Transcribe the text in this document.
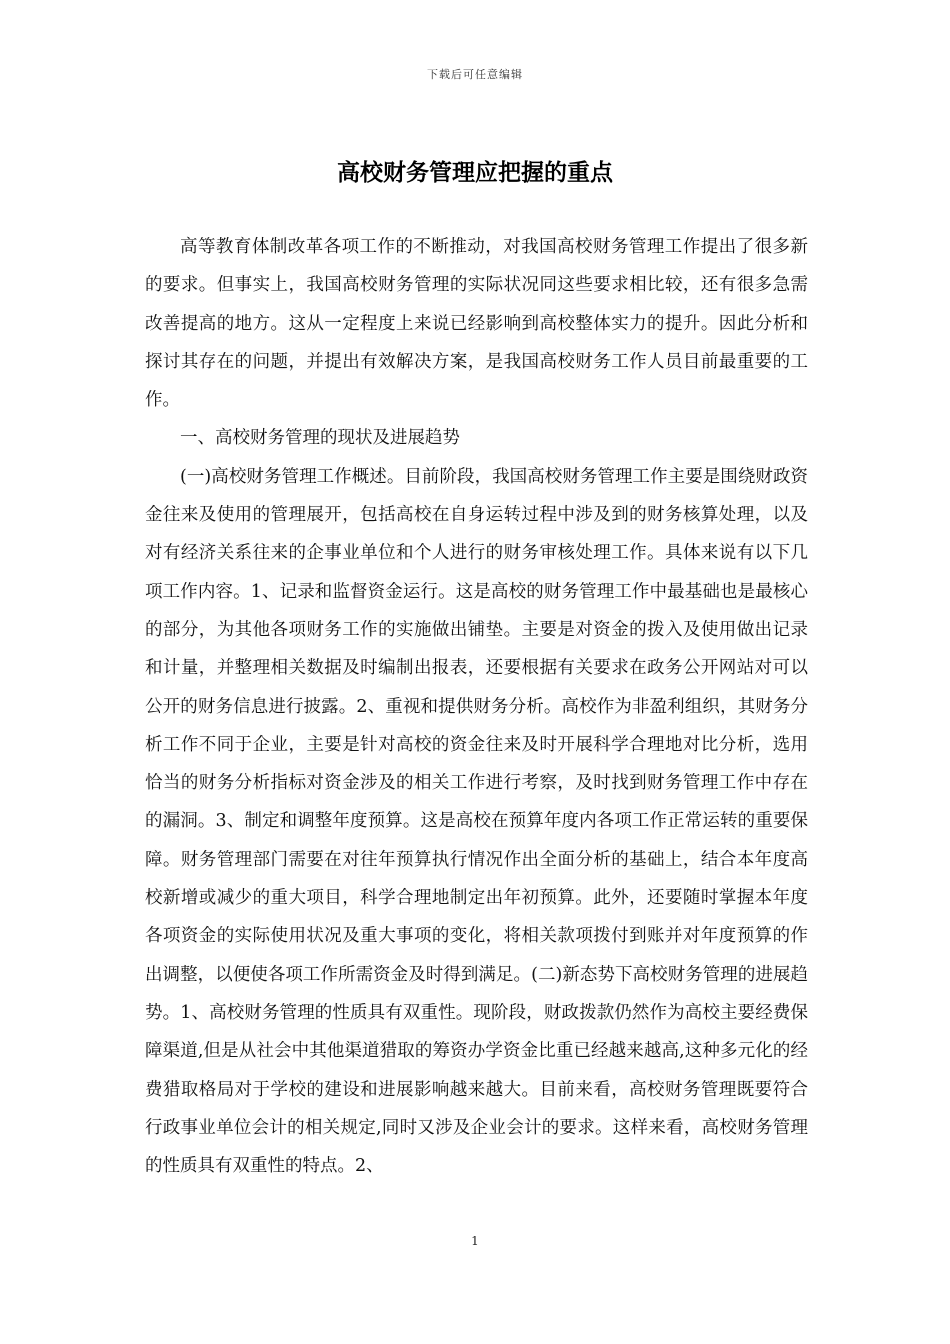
下载后可任意编辑
高校财务管理应把握的重点

高等教育体制改革各项工作的不断推动，对我国高校财务管理工作提出了很多新的要求。但事实上，我国高校财务管理的实际状况同这些要求相比较，还有很多急需改善提高的地方。这从一定程度上来说已经影响到高校整体实力的提升。因此分析和探讨其存在的问题，并提出有效解决方案，是我国高校财务工作人员目前最重要的工作。

一、高校财务管理的现状及进展趋势

(一)高校财务管理工作概述。目前阶段，我国高校财务管理工作主要是围绕财政资金往来及使用的管理展开，包括高校在自身运转过程中涉及到的财务核算处理，以及对有经济关系往来的企事业单位和个人进行的财务审核处理工作。具体来说有以下几项工作内容。1、记录和监督资金运行。这是高校的财务管理工作中最基础也是最核心的部分，为其他各项财务工作的实施做出铺垫。主要是对资金的拨入及使用做出记录和计量，并整理相关数据及时编制出报表，还要根据有关要求在政务公开网站对可以公开的财务信息进行披露。2、重视和提供财务分析。高校作为非盈利组织，其财务分析工作不同于企业，主要是针对高校的资金往来及时开展科学合理地对比分析，选用恰当的财务分析指标对资金涉及的相关工作进行考察，及时找到财务管理工作中存在的漏洞。3、制定和调整年度预算。这是高校在预算年度内各项工作正常运转的重要保障。财务管理部门需要在对往年预算执行情况作出全面分析的基础上，结合本年度高校新增或减少的重大项目，科学合理地制定出年初预算。此外，还要随时掌握本年度各项资金的实际使用状况及重大事项的变化，将相关款项拨付到账并对年度预算的作出调整，以便使各项工作所需资金及时得到满足。(二)新态势下高校财务管理的进展趋势。1、高校财务管理的性质具有双重性。现阶段，财政拨款仍然作为高校主要经费保障渠道,但是从社会中其他渠道猎取的筹资办学资金比重已经越来越高,这种多元化的经费猎取格局对于学校的建设和进展影响越来越大。目前来看，高校财务管理既要符合行政事业单位会计的相关规定,同时又涉及企业会计的要求。这样来看，高校财务管理的性质具有双重性的特点。2、

1
